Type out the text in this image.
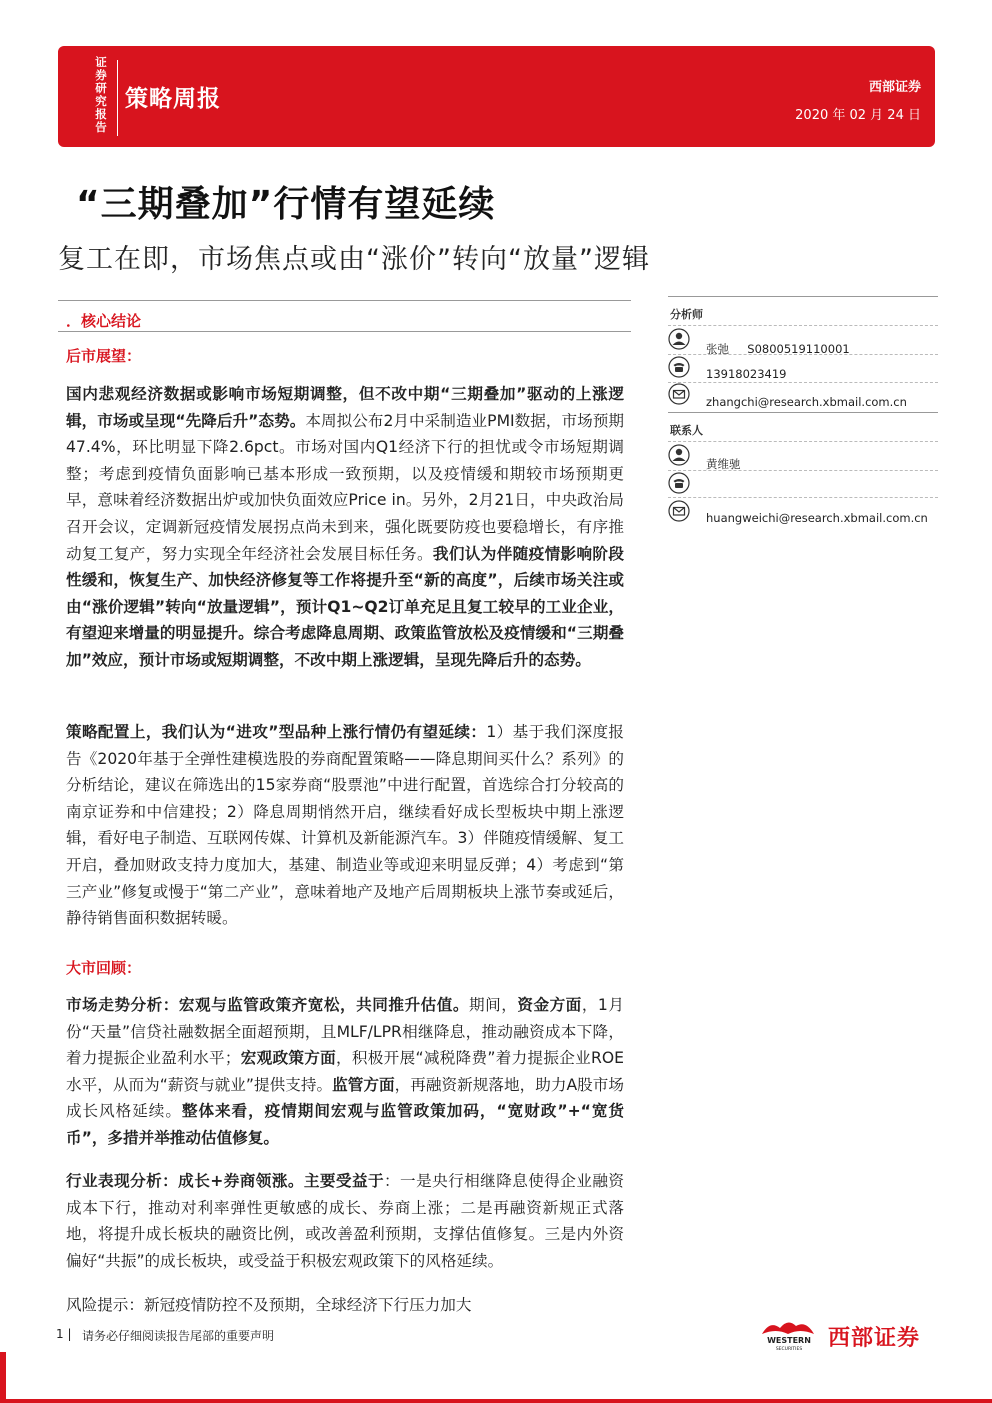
证券研究报告
策略周报	西部证券
2020 年 02 月 24 日
“三期叠加”行情有望延续
复工在即，市场焦点或由“涨价”转向“放量”逻辑
．核心结论
后市展望：
国内悲观经济数据或影响市场短期调整，但不改中期“三期叠加”驱动的上涨逻辑，市场或呈现“先降后升”态势。本周拟公布2月中采制造业PMI数据，市场预期47.4%，环比明显下降2.6pct。市场对国内Q1经济下行的担忧或令市场短期调整；考虑到疫情负面影响已基本形成一致预期，以及疫情缓和期较市场预期更早，意味着经济数据出炉或加快负面效应Price in。另外，2月21日，中央政治局召开会议，定调新冠疫情发展拐点尚未到来，强化既要防疫也要稳增长，有序推动复工复产，努力实现全年经济社会发展目标任务。我们认为伴随疫情影响阶段性缓和，恢复生产、加快经济修复等工作将提升至“新的高度”，后续市场关注或由“涨价逻辑”转向“放量逻辑”，预计Q1~Q2订单充足且复工较早的工业企业，有望迎来增量的明显提升。综合考虑降息周期、政策监管放松及疫情缓和“三期叠加”效应，预计市场或短期调整，不改中期上涨逻辑，呈现先降后升的态势。
策略配置上，我们认为“进攻”型品种上涨行情仍有望延续：1）基于我们深度报告《2020年基于全弹性建模选股的券商配置策略——降息期间买什么？系列》的分析结论，建议在筛选出的15家券商“股票池”中进行配置，首选综合打分较高的南京证券和中信建投；2）降息周期悄然开启，继续看好成长型板块中期上涨逻辑，看好电子制造、互联网传媒、计算机及新能源汽车。3）伴随疫情缓解、复工开启，叠加财政支持力度加大，基建、制造业等或迎来明显反弹；4）考虑到“第三产业”修复或慢于“第二产业”，意味着地产及地产后周期板块上涨节奏或延后，静待销售面积数据转暖。
大市回顾：
市场走势分析：宏观与监管政策齐宽松，共同推升估值。期间，资金方面，1月份“天量”信贷社融数据全面超预期，且MLF/LPR相继降息，推动融资成本下降，着力提振企业盈利水平；宏观政策方面，积极开展“减税降费”着力提振企业ROE水平，从而为“薪资与就业”提供支持。监管方面，再融资新规落地，助力A股市场成长风格延续。整体来看，疫情期间宏观与监管政策加码，“宽财政”+“宽货币”，多措并举推动估值修复。
行业表现分析：成长+券商领涨。主要受益于：一是央行相继降息使得企业融资成本下行，推动对利率弹性更敏感的成长、券商上涨；二是再融资新规正式落地，将提升成长板块的融资比例，或改善盈利预期，支撑估值修复。三是内外资偏好“共振”的成长板块，或受益于积极宏观政策下的风格延续。
风险提示：新冠疫情防控不及预期，全球经济下行压力加大
分析师
张弛 S0800519110001
13918023419
zhangchi@research.xbmail.com.cn
联系人
黄维驰
huangweichi@research.xbmail.com.cn
1 | 请务必仔细阅读报告尾部的重要声明	WESTERN
SECURITIES 西部证券
